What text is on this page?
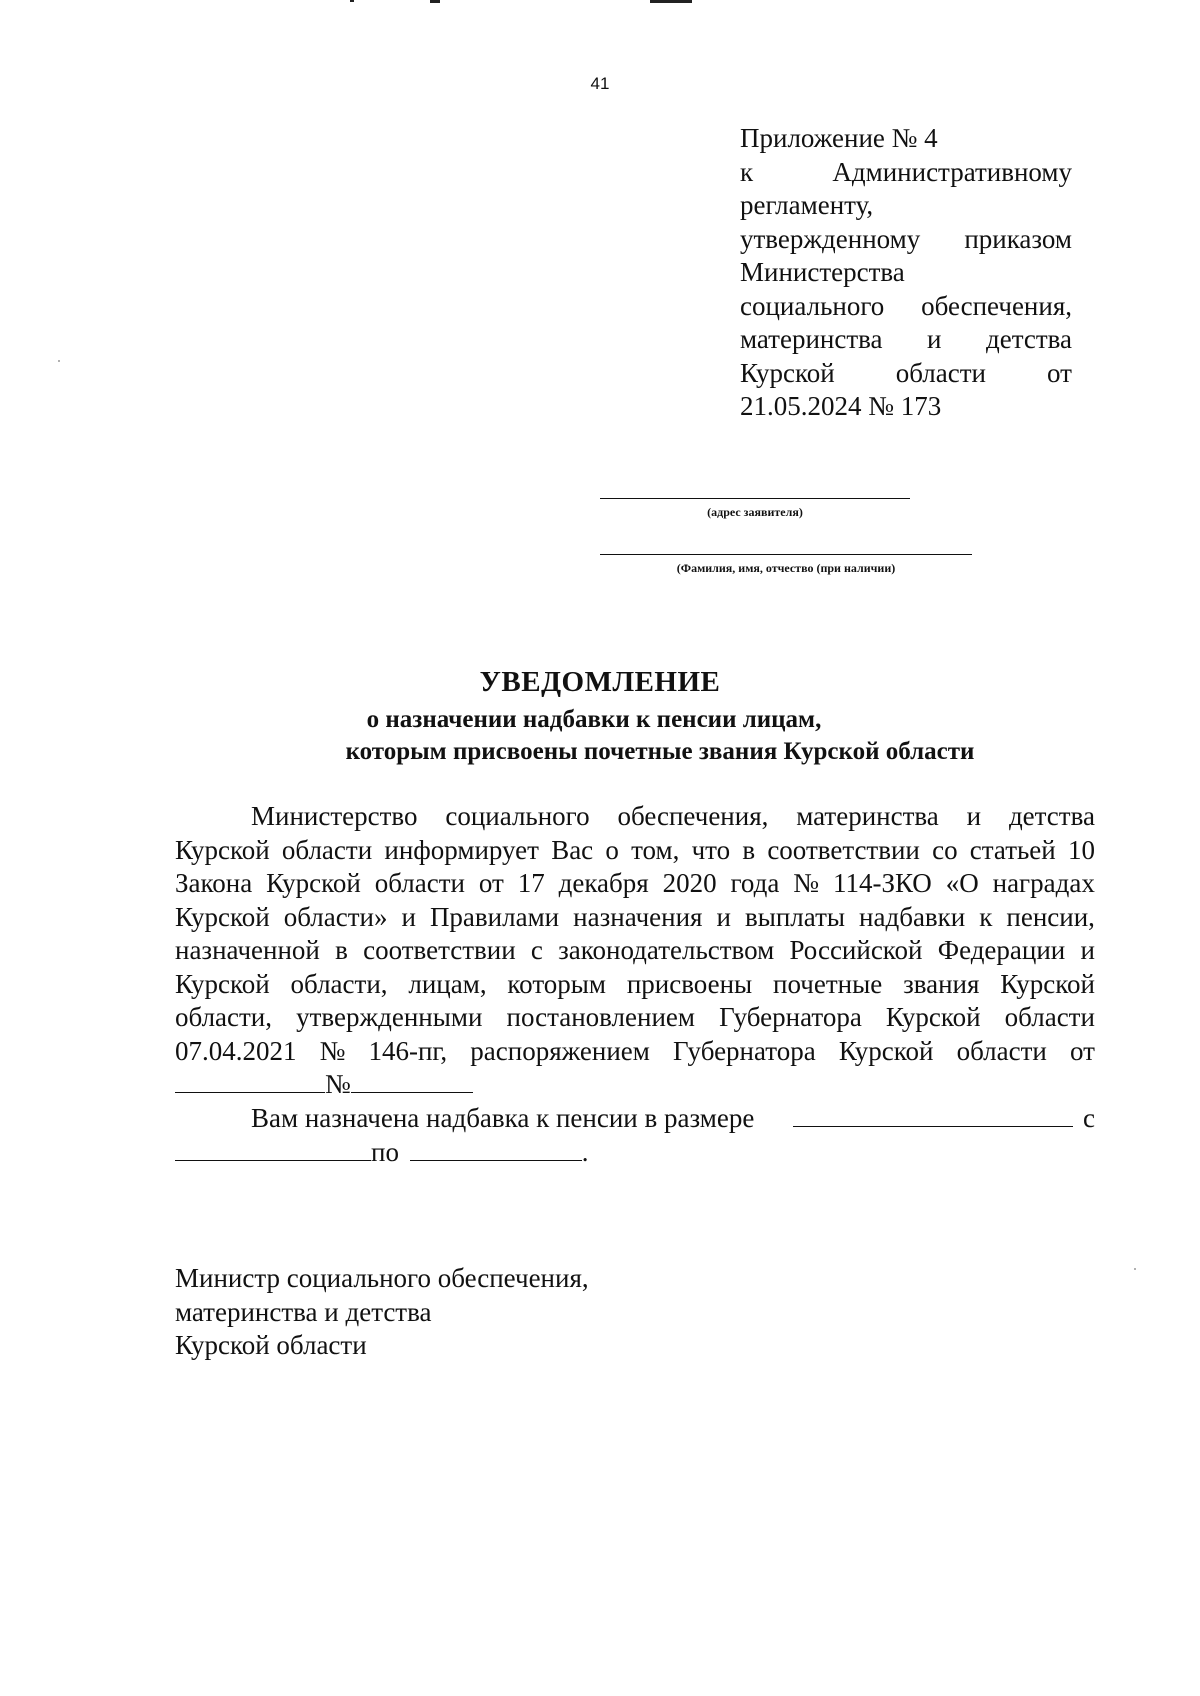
41
Приложение № 4
к	Административному
регламенту,
утвержденному приказом
Министерства
социального обеспечения,
материнства и детства
Курской области от
21.05.2024 № 173
(адрес заявителя)
(Фамилия, имя, отчество (при наличии)
УВЕДОМЛЕНИЕ
о назначении надбавки к пенсии лицам,
которым присвоены почетные звания Курской области
Министерство социального обеспечения, материнства и детства
Курской области информирует Вас о том, что в соответствии со статьей 10
Закона Курской области от 17 декабря 2020 года № 114-ЗКО «О наградах
Курской области» и Правилами назначения и выплаты надбавки к пенсии,
назначенной в соответствии с законодательством Российской Федерации и
Курской области, лицам, которым присвоены почетные звания Курской
области, утвержденными постановлением Губернатора Курской области
07.04.2021 № 146-пг, распоряжением Губернатора Курской области от
№
Вам назначена надбавка к пенсии в размере	с
по	.
Министр социального обеспечения,
материнства и детства
Курской области
